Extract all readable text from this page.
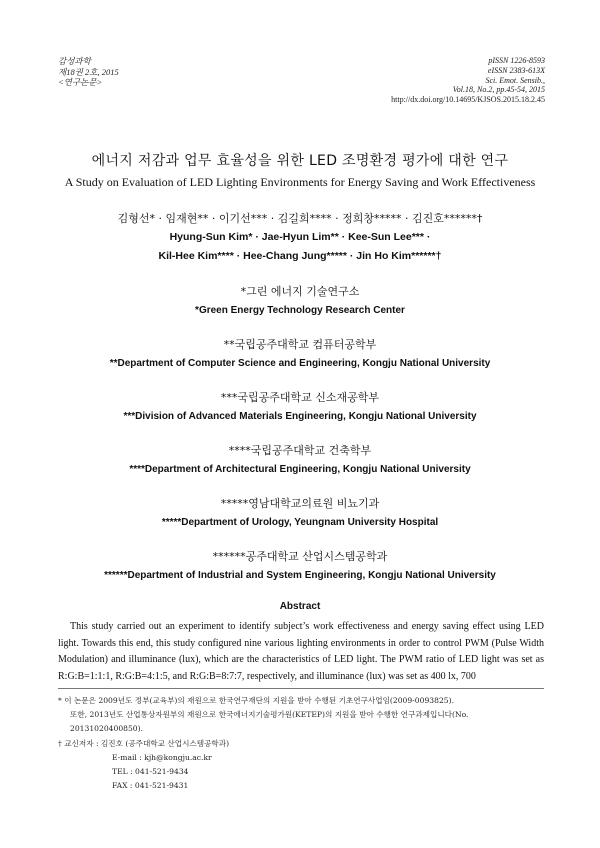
감성과학
제18권 2호, 2015
<연구논문>
pISSN 1226-8593
eISSN 2383-613X
Sci. Emot. Sensib.,
Vol.18, No.2, pp.45-54, 2015
http://dx.doi.org/10.14695/KJSOS.2015.18.2.45
에너지 저감과 업무 효율성을 위한 LED 조명환경 평가에 대한 연구
A Study on Evaluation of LED Lighting Environments for Energy Saving and Work Effectiveness
김형선* · 임재현** · 이기선*** · 김길희**** · 정희창***** · 김진호******†
Hyung-Sun Kim* · Jae-Hyun Lim** · Kee-Sun Lee*** ·
Kil-Hee Kim**** · Hee-Chang Jung***** · Jin Ho Kim******†
*그린 에너지 기술연구소
*Green Energy Technology Research Center
**국립공주대학교 컴퓨터공학부
**Department of Computer Science and Engineering, Kongju National University
***국립공주대학교 신소재공학부
***Division of Advanced Materials Engineering, Kongju National University
****국립공주대학교 건축학부
****Department of Architectural Engineering, Kongju National University
*****영남대학교의료원 비뇨기과
*****Department of Urology, Yeungnam University Hospital
******공주대학교 산업시스템공학과
******Department of Industrial and System Engineering, Kongju National University
Abstract
This study carried out an experiment to identify subject’s work effectiveness and energy saving effect using LED light. Towards this end, this study configured nine various lighting environments in order to control PWM (Pulse Width Modulation) and illuminance (lux), which are the characteristics of LED light. The PWM ratio of LED light was set as R:G:B=1:1:1, R:G:B=4:1:5, and R:G:B=8:7:7, respectively, and illuminance (lux) was set as 400 lx, 700

* 이 논문은 2009년도 정부(교육부)의 재원으로 한국연구재단의 지원을 받아 수행된 기초연구사업임(2009-0093825).

또한, 2013년도 산업통상자원부의 재원으로 한국에너지기술평가원(KETEP)의 지원을 받아 수행한 연구과제입니다(No.

20131020400850).

† 교신저자 : 김진호 (공주대학교 산업시스템공학과)

E-mail : kjh@kongju.ac.kr

TEL : 041-521-9434

FAX : 041-521-9431
